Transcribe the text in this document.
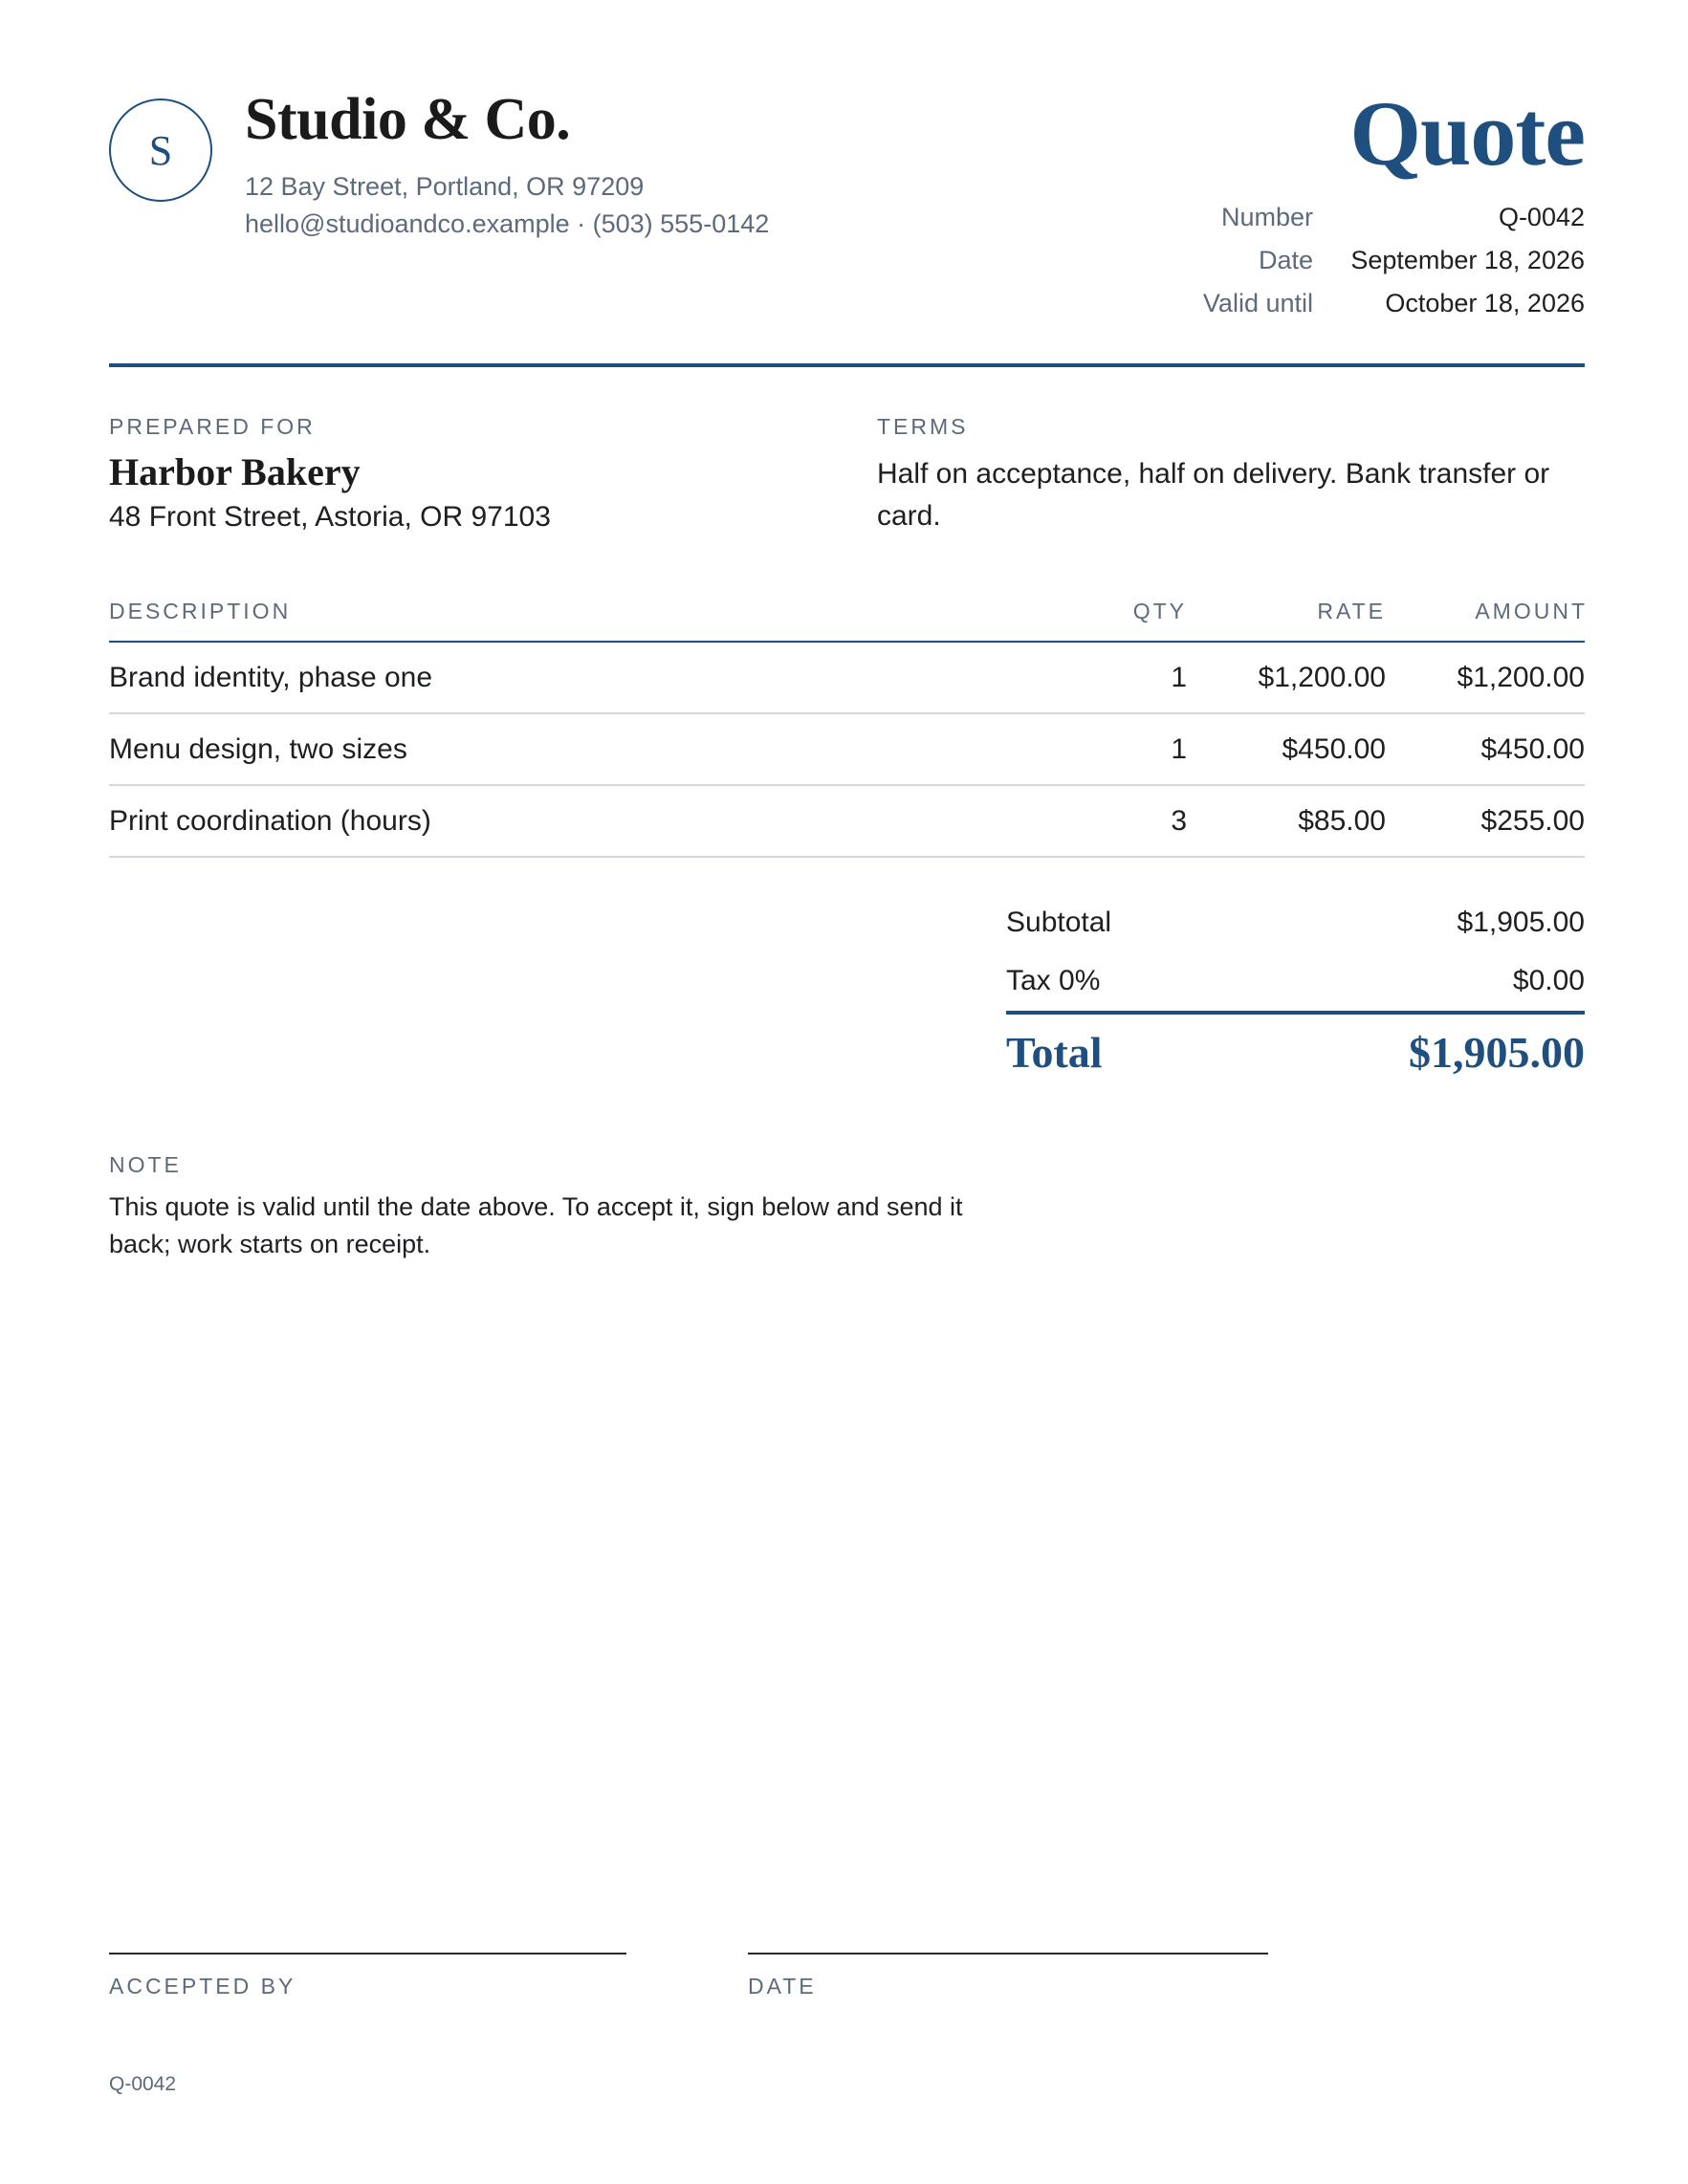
S Studio & Co.
12 Bay Street, Portland, OR 97209
hello@studioandco.example · (503) 555-0142
Quote
Number	Q-0042
Date	September 18, 2026
Valid until	October 18, 2026
PREPARED FOR
Harbor Bakery
48 Front Street, Astoria, OR 97103
TERMS
Half on acceptance, half on delivery. Bank transfer or card.
DESCRIPTION	QTY	RATE	AMOUNT
Brand identity, phase one	1 $1,200.00 $1,200.00
Menu design, two sizes	1	$450.00	$450.00
Print coordination (hours)	3	$85.00	$255.00
Subtotal	$1,905.00
Tax 0%	$0.00
Total	$1,905.00
NOTE
This quote is valid until the date above. To accept it, sign below and send it back; work starts on receipt.
ACCEPTED BY	DATE
Q-0042
